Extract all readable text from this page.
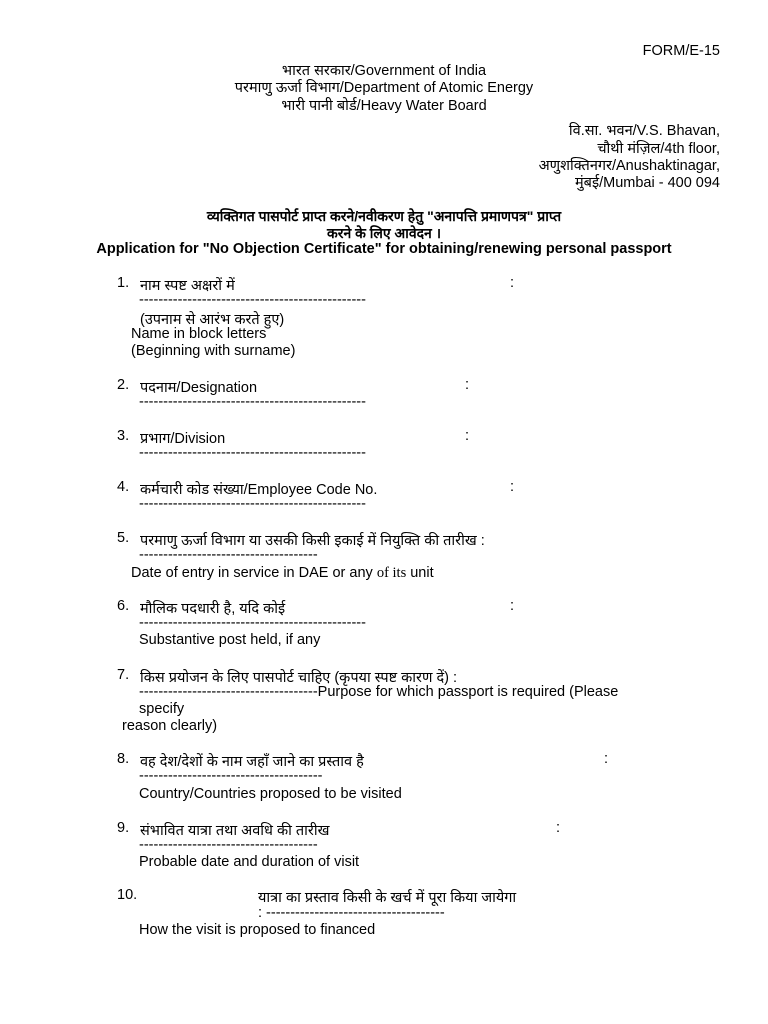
FORM/E-15
भारत सरकार/Government of India
परमाणु ऊर्जा विभाग/Department of Atomic Energy
भारी पानी बोर्ड/Heavy Water Board
वि.सा. भवन/V.S. Bhavan,
चौथी मंज़िल/4th floor,
अणुशक्तिनगर/Anushaktinagar,
मुंबई/Mumbai - 400 094
व्यक्तिगत पासपोर्ट प्राप्त करने/नवीकरण हेतु "अनापत्ति प्रमाणपत्र" प्राप्त
करने के लिए आवेदन ।
Application for "No Objection Certificate" for obtaining/renewing personal passport
1. नाम स्पष्ट अक्षरों में	:
-----------------------------------------------
(उपनाम से आरंभ करते हुए)
Name in block letters
(Beginning with surname)
2. पदनाम/Designation	:
-----------------------------------------------
3. प्रभाग/Division	:
-----------------------------------------------
4. कर्मचारी कोड संख्या/Employee Code No.	:
-----------------------------------------------
5. परमाणु ऊर्जा विभाग या उसकी किसी इकाई में नियुक्ति की तारीख :
-------------------------------------
Date of entry in service in DAE or any of its unit
6. मौलिक पदधारी है, यदि कोई	:
-----------------------------------------------
Substantive post held, if any
7. किस प्रयोजन के लिए पासपोर्ट चाहिए (कृपया स्पष्ट कारण दें) :
-------------------------------------Purpose for which passport is required (Please
specify
reason clearly)
8. वह देश/देशों के नाम जहाँ जाने का प्रस्ताव है	:
--------------------------------------
Country/Countries proposed to be visited
9. संभावित यात्रा तथा अवधि की तारीख	:
-------------------------------------
Probable date and duration of visit
10.	यात्रा का प्रस्ताव किसी के खर्च में पूरा किया जायेगा
: -------------------------------------
How the visit is proposed to financed
